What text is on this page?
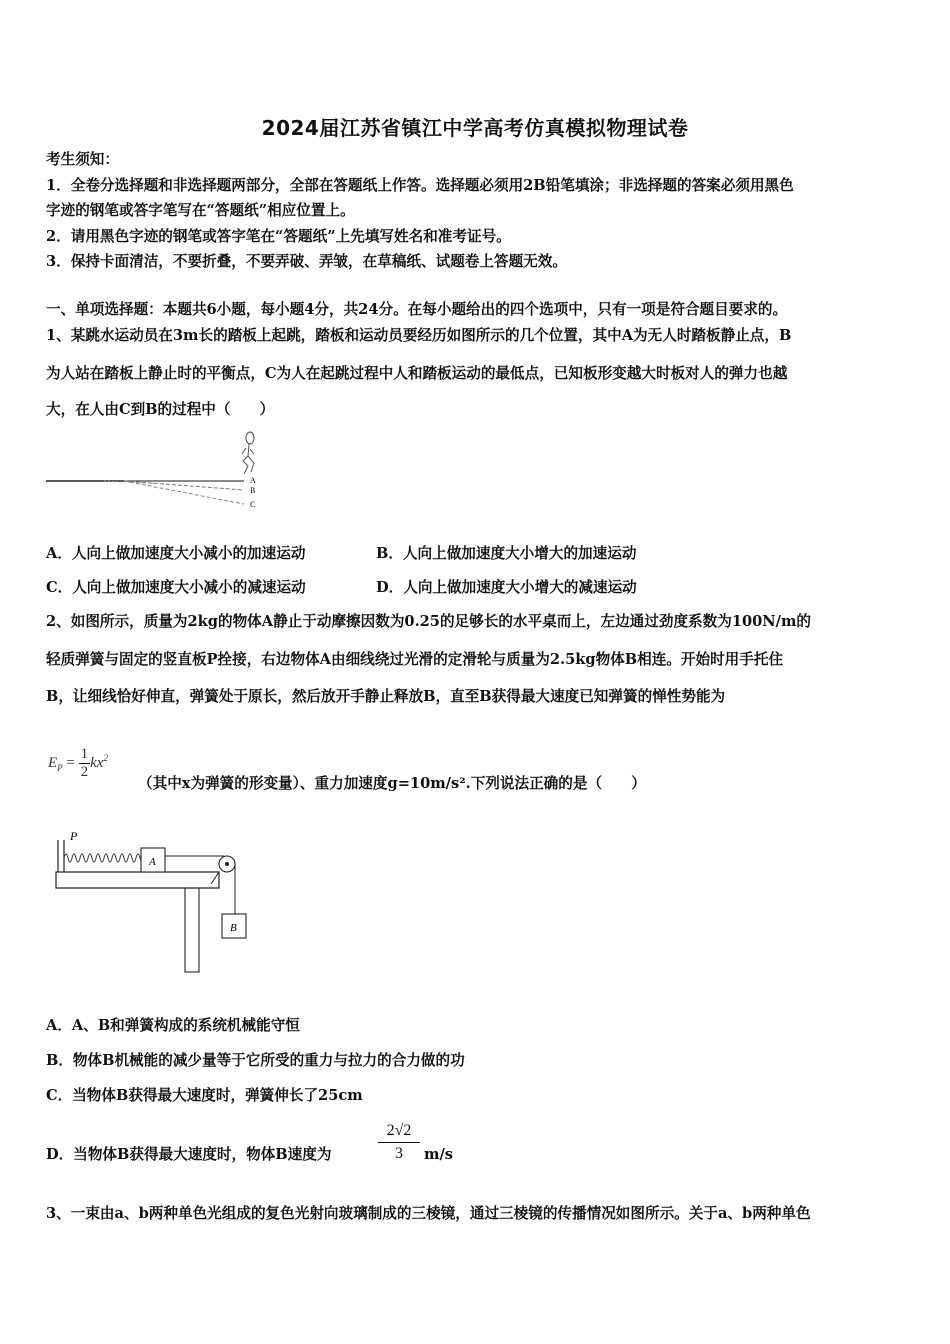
2024届江苏省镇江中学高考仿真模拟物理试卷
考生须知：
1．全卷分选择题和非选择题两部分，全部在答题纸上作答。选择题必须用2B铅笔填涂；非选择题的答案必须用黑色
字迹的钢笔或答字笔写在“答题纸”相应位置上。
2．请用黑色字迹的钢笔或答字笔在“答题纸”上先填写姓名和准考证号。
3．保持卡面清洁，不要折叠，不要弄破、弄皱，在草稿纸、试题卷上答题无效。
一、单项选择题：本题共6小题，每小题4分，共24分。在每小题给出的四个选项中，只有一项是符合题目要求的。
1、某跳水运动员在3m长的踏板上起跳，踏板和运动员要经历如图所示的几个位置，其中A为无人时踏板静止点，B
为人站在踏板上静止时的平衡点，C为人在起跳过程中人和踏板运动的最低点，已知板形变越大时板对人的弹力也越
大，在人由C到B的过程中（　　）
A
B
C
A．人向上做加速度大小减小的加速运动	B．人向上做加速度大小增大的加速运动
C．人向上做加速度大小减小的减速运动	D．人向上做加速度大小增大的减速运动
2、如图所示，质量为2kg的物体A静止于动摩擦因数为0.25的足够长的水平桌而上，左边通过劲度系数为100N/m的
轻质弹簧与固定的竖直板P拴接，右边物体A由细线绕过光滑的定滑轮与质量为2.5kg物体B相连。开始时用手托住
B，让细线恰好伸直，弹簧处于原长，然后放开手静止释放B，直至B获得最大速度已知弹簧的惮性势能为
$E_P = \frac{1}{2} kx^2$
（其中x为弹簧的形变量）、重力加速度g=10m/s².下列说法正确的是（　　）
P
A
B
A．A、B和弹簧构成的系统机械能守恒
B．物体B机械能的减少量等于它所受的重力与拉力的合力做的功
C．当物体B获得最大速度时，弹簧伸长了25cm
D．当物体B获得最大速度时，物体B速度为	$\frac{2√2}{3} m/s$
3、一束由a、b两种单色光组成的复色光射向玻璃制成的三棱镜，通过三棱镜的传播情况如图所示。关于a、b两种单色
